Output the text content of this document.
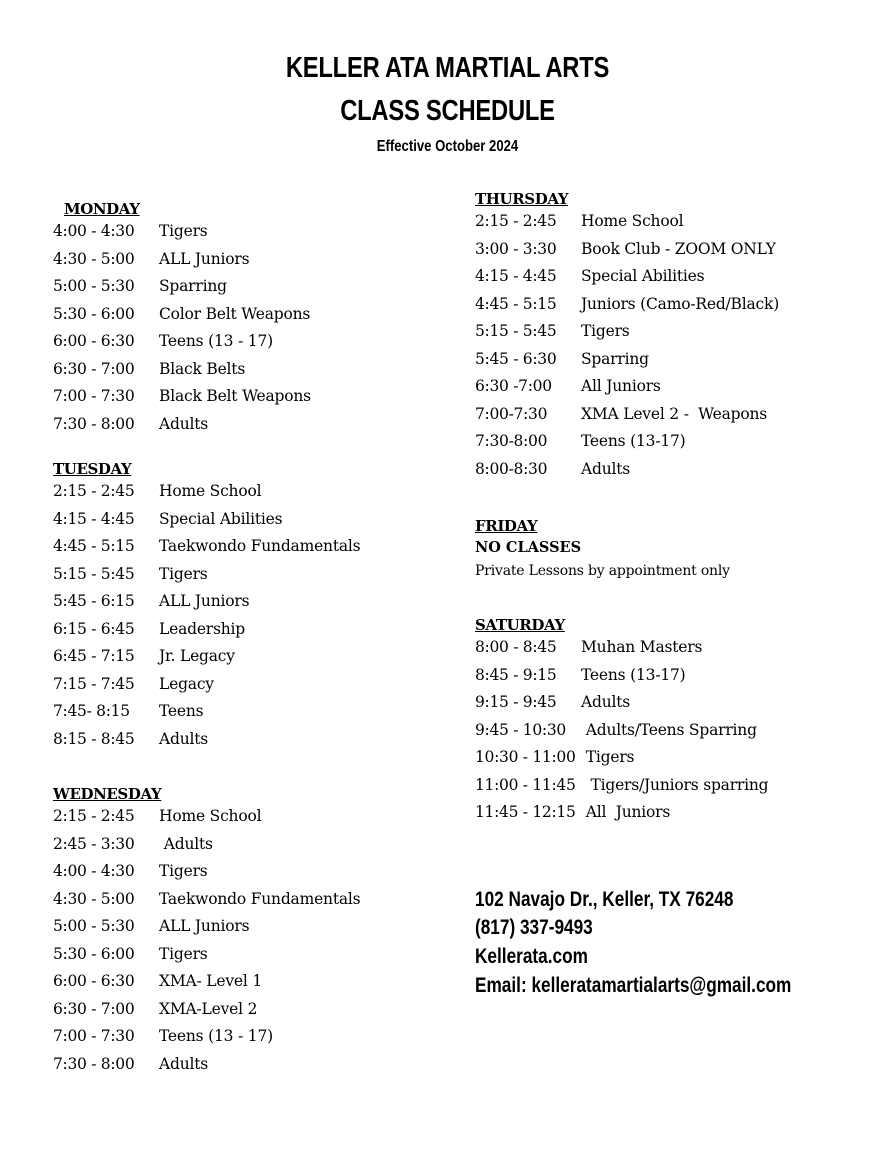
KELLER ATA MARTIAL ARTS
CLASS SCHEDULE
Effective October 2024
MONDAY
4:00 - 4:30 Tigers
4:30 - 5:00 ALL Juniors
5:00 - 5:30 Sparring
5:30 - 6:00 Color Belt Weapons
6:00 - 6:30 Teens (13 - 17)
6:30 - 7:00 Black Belts
7:00 - 7:30 Black Belt Weapons
7:30 - 8:00 Adults
TUESDAY
2:15 - 2:45 Home School
4:15 - 4:45 Special Abilities
4:45 - 5:15 Taekwondo Fundamentals
5:15 - 5:45 Tigers
5:45 - 6:15 ALL Juniors
6:15 - 6:45 Leadership
6:45 - 7:15 Jr. Legacy
7:15 - 7:45 Legacy
7:45- 8:15 Teens
8:15 - 8:45 Adults
WEDNESDAY
2:15 - 2:45 Home School
2:45 - 3:30 Adults
4:00 - 4:30 Tigers
4:30 - 5:00 Taekwondo Fundamentals
5:00 - 5:30 ALL Juniors
5:30 - 6:00 Tigers
6:00 - 6:30 XMA- Level 1
6:30 - 7:00 XMA-Level 2
7:00 - 7:30 Teens (13 - 17)
7:30 - 8:00 Adults
THURSDAY
2:15 - 2:45 Home School
3:00 - 3:30 Book Club - ZOOM ONLY
4:15 - 4:45 Special Abilities
4:45 - 5:15 Juniors (Camo-Red/Black)
5:15 - 5:45 Tigers
5:45 - 6:30 Sparring
6:30 -7:00 All Juniors
7:00-7:30 XMA Level 2 -  Weapons
7:30-8:00 Teens (13-17)
8:00-8:30 Adults
FRIDAY
NO CLASSES
Private Lessons by appointment only
SATURDAY
8:00 - 8:45 Muhan Masters
8:45 - 9:15 Teens (13-17)
9:15 - 9:45 Adults
9:45 - 10:30 Adults/Teens Sparring
10:30 - 11:00 Tigers
11:00 - 11:45 Tigers/Juniors sparring
11:45 - 12:15 All  Juniors
102 Navajo Dr., Keller, TX 76248
(817) 337-9493
Kellerata.com
Email: kellerata​martialarts@gmail.com
